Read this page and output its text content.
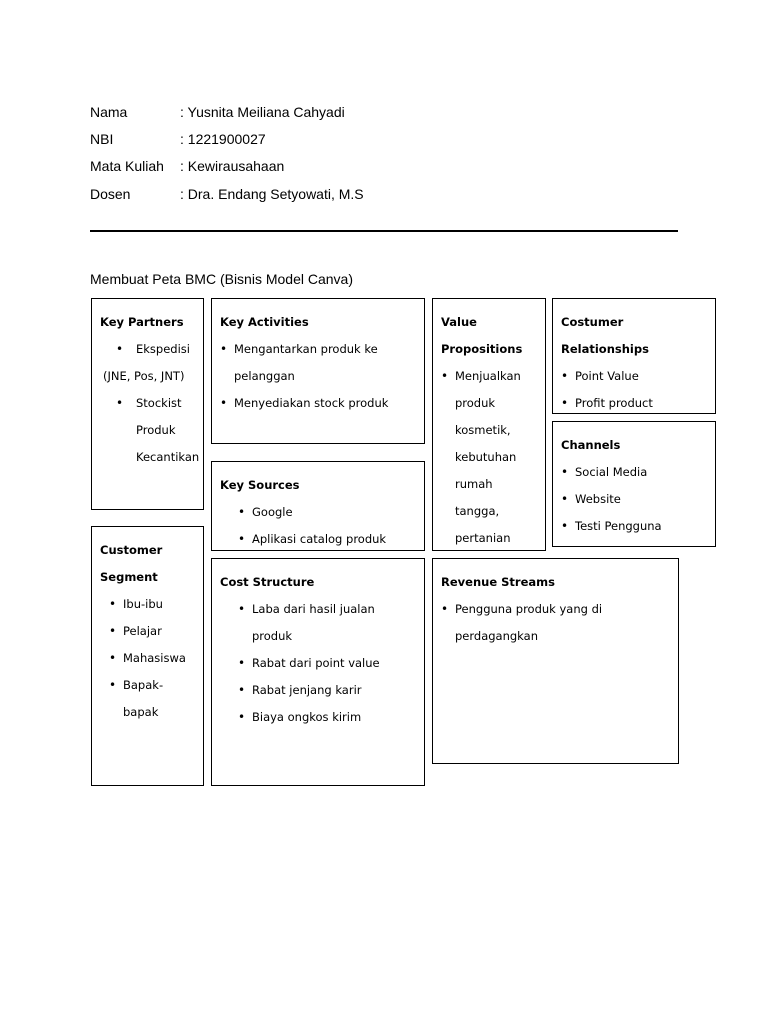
Nama	: Yusnita Meiliana Cahyadi
NBI	: 1221900027
Mata Kuliah	: Kewirausahaan
Dosen	: Dra. Endang Setyowati, M.S
Membuat Peta BMC (Bisnis Model Canva)
Key Partners
• Ekspedisi
(JNE, Pos, JNT)
• Stockist
Produk
Kecantikan
Key Activities
• Mengantarkan produk ke
pelanggan
• Menyediakan stock produk
Value
Propositions
• Menjualkan
produk
kosmetik,
kebutuhan
rumah tangga,
pertanian
Costumer Relationships
• Point Value
• Profit product
•
Key Sources
• Google
• Aplikasi catalog produk
Channels
• Social Media
• Website
• Testi Pengguna
Customer
Segment
• Ibu-ibu
• Pelajar
• Mahasiswa
• Bapak-
bapak
Cost Structure
• Laba dari hasil jualan produk
• Rabat dari point value
• Rabat jenjang karir
• Biaya ongkos kirim
Revenue Streams
• Pengguna produk yang di
perdagangkan
